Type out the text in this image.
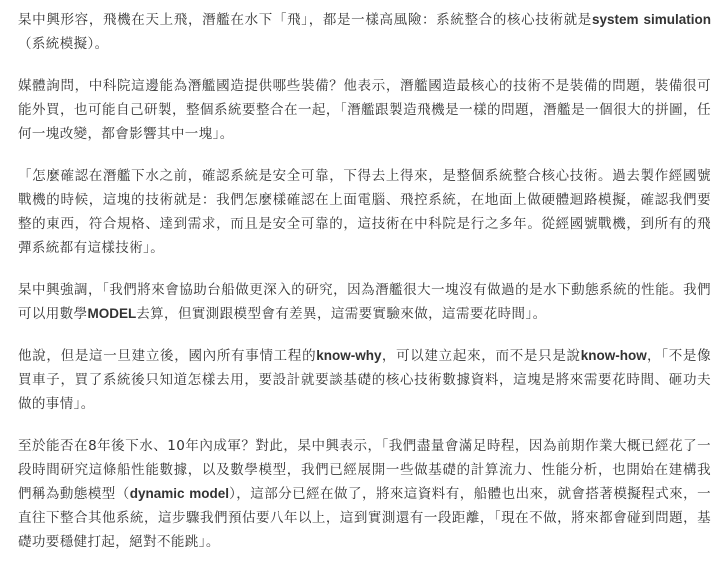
杲中興形容，飛機在天上飛，潛艦在水下「飛」，都是一樣高風險：系統整合的核心技術就是system simulation（系統模擬）。

媒體詢問，中科院這邊能為潛艦國造提供哪些裝備？他表示，潛艦國造最核心的技術不是裝備的問題，裝備很可能外買，也可能自己研製，整個系統要整合在一起，「潛艦跟製造飛機是一樣的問題，潛艦是一個很大的拼圖，任何一塊改變，都會影響其中一塊」。

「怎麼確認在潛艦下水之前，確認系統是安全可靠，下得去上得來，是整個系統整合核心技術。過去製作經國號戰機的時候，這塊的技術就是：我們怎麼樣確認在上面電腦、飛控系統，在地面上做硬體迴路模擬，確認我們要整的東西，符合規格、達到需求，而且是安全可靠的，這技術在中科院是行之多年。從經國號戰機，到所有的飛彈系統都有這樣技術」。

杲中興強調，「我們將來會協助台船做更深入的研究，因為潛艦很大一塊沒有做過的是水下動態系統的性能。我們可以用數學MODEL去算，但實測跟模型會有差異，這需要實驗來做，這需要花時間」。

他說，但是這一旦建立後，國內所有事情工程的know-why，可以建立起來，而不是只是說know-how，「不是像買車子，買了系統後只知道怎樣去用，要設計就要談基礎的核心技術數據資料，這塊是將來需要花時間、砸功夫做的事情」。

至於能否在8年後下水、10年內成軍？對此，杲中興表示，「我們盡量會滿足時程，因為前期作業大概已經花了一段時間研究這條船性能數據，以及數學模型，我們已經展開一些做基礎的計算流力、性能分析，也開始在建構我們稱為動態模型（dynamic model），這部分已經在做了，將來這資料有，船體也出來，就會搭著模擬程式來，一直往下整合其他系統，這步驟我們預估要八年以上，這到實測還有一段距離，「現在不做，將來都會碰到問題，基礎功要穩健打起，絕對不能跳」。
